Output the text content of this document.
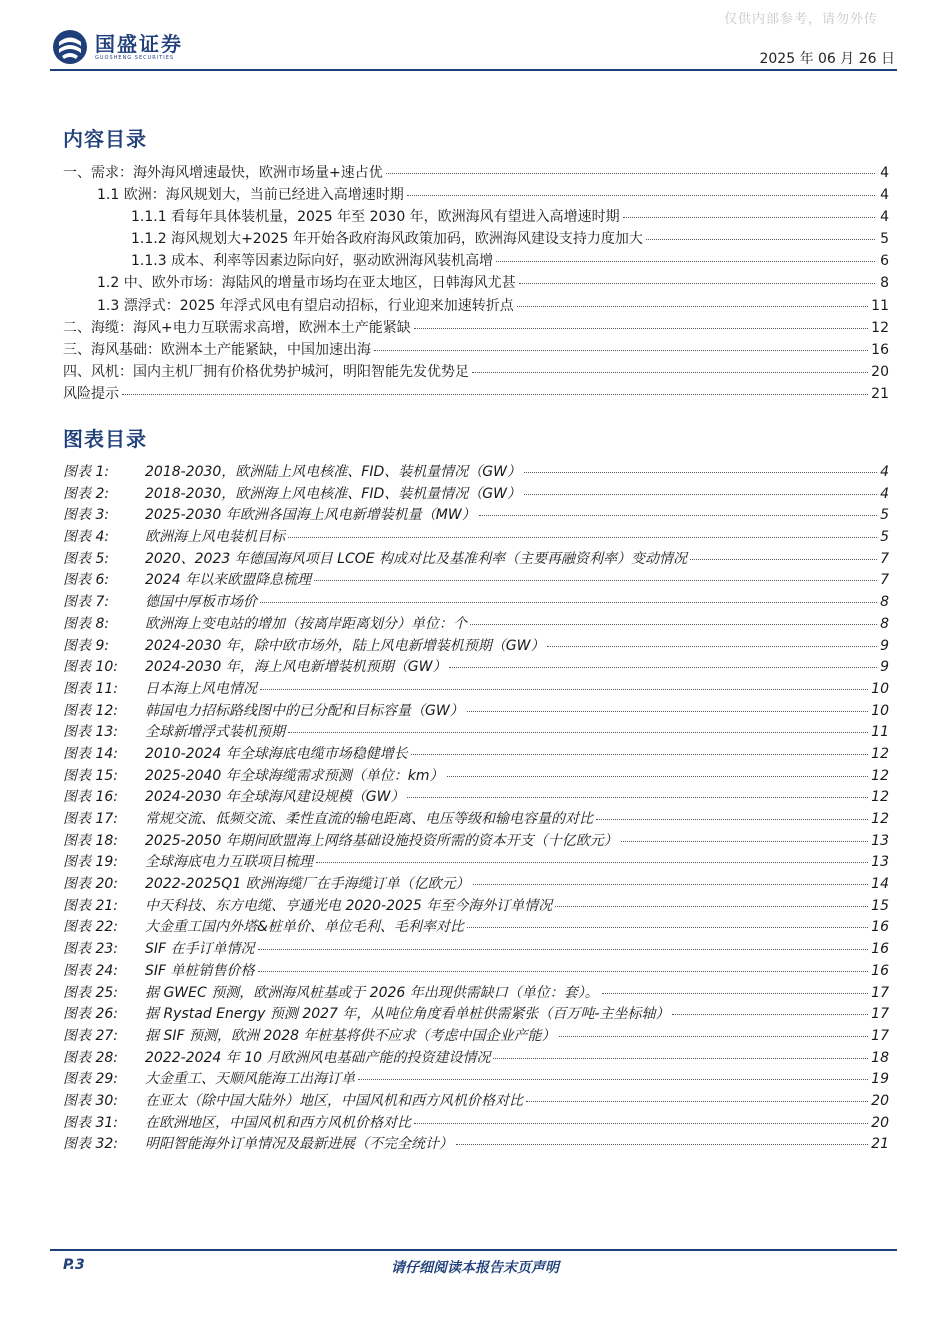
仅供内部参考，请勿外传
国盛证券
GUOSHENG SECURITIES	2025 年 06 月 26 日
内容目录
一、需求：海外海风增速最快，欧洲市场量+速占优	4
1.1 欧洲：海风规划大，当前已经进入高增速时期	4
1.1.1 看每年具体装机量，2025 年至 2030 年，欧洲海风有望进入高增速时期	4
1.1.2 海风规划大+2025 年开始各政府海风政策加码，欧洲海风建设支持力度加大	5
1.1.3 成本、利率等因素边际向好，驱动欧洲海风装机高增	6
1.2 中、欧外市场：海陆风的增量市场均在亚太地区，日韩海风尤甚	8
1.3 漂浮式：2025 年浮式风电有望启动招标，行业迎来加速转折点	11
二、海缆：海风+电力互联需求高增，欧洲本土产能紧缺	12
三、海风基础：欧洲本土产能紧缺，中国加速出海	16
四、风机：国内主机厂拥有价格优势护城河，明阳智能先发优势足	20
风险提示	21
图表目录
图表 1:	2018-2030，欧洲陆上风电核准、FID、装机量情况（GW）	4
图表 2:	2018-2030，欧洲海上风电核准、FID、装机量情况（GW）	4
图表 3:	2025-2030 年欧洲各国海上风电新增装机量（MW）	5
图表 4:	欧洲海上风电装机目标	5
图表 5:	2020、2023 年德国海风项目 LCOE 构成对比及基准利率（主要再融资利率）变动情况	7
图表 6:	2024 年以来欧盟降息梳理	7
图表 7:	德国中厚板市场价	8
图表 8:	欧洲海上变电站的增加（按离岸距离划分）单位：个	8
图表 9:	2024-2030 年，除中欧市场外，陆上风电新增装机预期（GW）	9
图表 10:	2024-2030 年，海上风电新增装机预期（GW）	9
图表 11:	日本海上风电情况	10
图表 12:	韩国电力招标路线图中的已分配和目标容量（GW）	10
图表 13:	全球新增浮式装机预期	11
图表 14:	2010-2024 年全球海底电缆市场稳健增长	12
图表 15:	2025-2040 年全球海缆需求预测（单位：km）	12
图表 16:	2024-2030 年全球海风建设规模（GW）	12
图表 17:	常规交流、低频交流、柔性直流的输电距离、电压等级和输电容量的对比	12
图表 18:	2025-2050 年期间欧盟海上网络基础设施投资所需的资本开支（十亿欧元）	13
图表 19:	全球海底电力互联项目梳理	13
图表 20:	2022-2025Q1 欧洲海缆厂在手海缆订单（亿欧元）	14
图表 21:	中天科技、东方电缆、亨通光电 2020-2025 年至今海外订单情况	15
图表 22:	大金重工国内外塔&桩单价、单位毛利、毛利率对比	16
图表 23:	SIF 在手订单情况	16
图表 24:	SIF 单桩销售价格	16
图表 25:	据 GWEC 预测，欧洲海风桩基或于 2026 年出现供需缺口（单位：套）。	17
图表 26:	据 Rystad Energy 预测 2027 年，从吨位角度看单桩供需紧张（百万吨-主坐标轴）	17
图表 27:	据 SIF 预测，欧洲 2028 年桩基将供不应求（考虑中国企业产能）	17
图表 28:	2022-2024 年 10 月欧洲风电基础产能的投资建设情况	18
图表 29:	大金重工、天顺风能海工出海订单	19
图表 30:	在亚太（除中国大陆外）地区，中国风机和西方风机价格对比	20
图表 31:	在欧洲地区，中国风机和西方风机价格对比	20
图表 32:	明阳智能海外订单情况及最新进展（不完全统计）	21
请仔细阅读本报告末页声明
P.3
